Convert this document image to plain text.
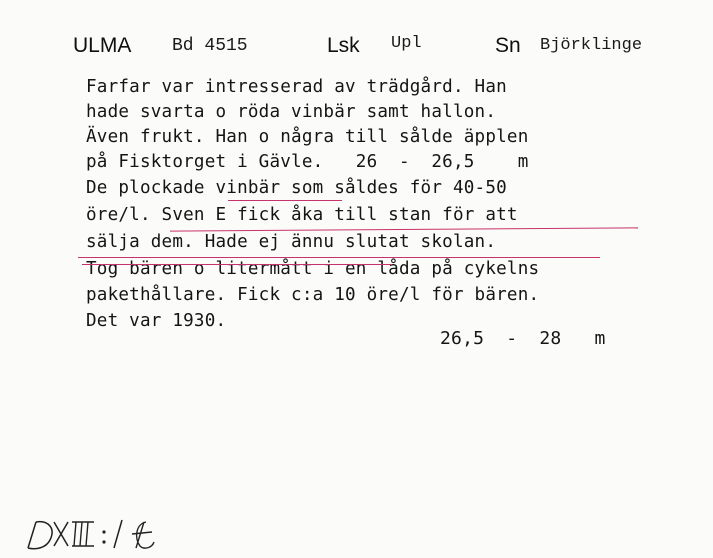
ULMA Bd 4515	Lsk Upl	Sn Björklinge
Farfar var intresserad av trädgård. Han
hade svarta o röda vinbär samt hallon.
Även frukt. Han o några till sålde äpplen
på Fisktorget i Gävle.   26  -  26,5    m
De plockade vinbär som såldes för 40-50
öre/l. Sven E fick åka till stan för att
sälja dem. Hade ej ännu slutat skolan.
Tog bären o litermått i en låda på cykelns
pakethållare. Fick c:a 10 öre/l för bären.
Det var 1930.
26,5  -  28   m
